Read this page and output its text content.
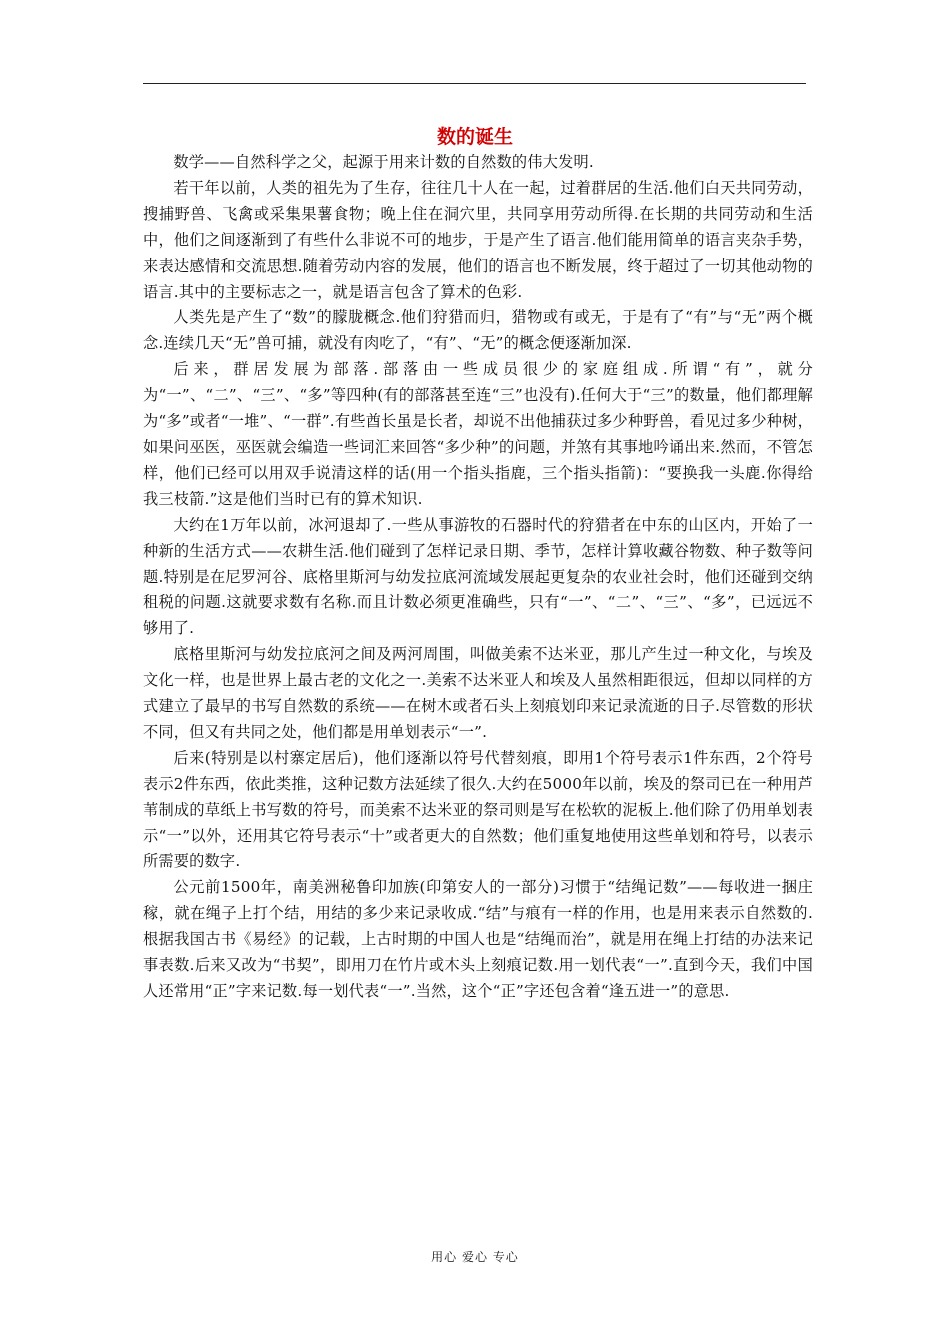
数的诞生

数学——自然科学之父，起源于用来计数的自然数的伟大发明.

若干年以前，人类的祖先为了生存，往往几十人在一起，过着群居的生活.他们白天共同劳动，搜捕野兽、飞禽或采集果薯食物；晚上住在洞穴里，共同享用劳动所得.在长期的共同劳动和生活中，他们之间逐渐到了有些什么非说不可的地步，于是产生了语言.他们能用简单的语言夹杂手势，来表达感情和交流思想.随着劳动内容的发展，他们的语言也不断发展，终于超过了一切其他动物的语言.其中的主要标志之一，就是语言包含了算术的色彩.

人类先是产生了“数”的朦胧概念.他们狩猎而归，猎物或有或无，于是有了“有”与“无”两个概念.连续几天“无”兽可捕，就没有肉吃了，“有”、“无”的概念便逐渐加深.

后来，群居发展为部落.部落由一些成员很少的家庭组成.所谓“有”，就分为“一”、“二”、“三”、“多”等四种(有的部落甚至连“三”也没有).任何大于“三”的数量，他们都理解为“多”或者“一堆”、“一群”.有些酋长虽是长者，却说不出他捕获过多少种野兽，看见过多少种树，如果问巫医，巫医就会编造一些词汇来回答“多少种”的问题，并煞有其事地吟诵出来.然而，不管怎样，他们已经可以用双手说清这样的话(用一个指头指鹿，三个指头指箭)：“要换我一头鹿.你得给我三枝箭.”这是他们当时已有的算术知识.

大约在1万年以前，冰河退却了.一些从事游牧的石器时代的狩猎者在中东的山区内，开始了一种新的生活方式——农耕生活.他们碰到了怎样记录日期、季节，怎样计算收藏谷物数、种子数等问题.特别是在尼罗河谷、底格里斯河与幼发拉底河流域发展起更复杂的农业社会时，他们还碰到交纳租税的问题.这就要求数有名称.而且计数必须更准确些，只有“一”、“二”、“三”、“多”，已远远不够用了.

底格里斯河与幼发拉底河之间及两河周围，叫做美索不达米亚，那儿产生过一种文化，与埃及文化一样，也是世界上最古老的文化之一.美索不达米亚人和埃及人虽然相距很远，但却以同样的方式建立了最早的书写自然数的系统——在树木或者石头上刻痕划印来记录流逝的日子.尽管数的形状不同，但又有共同之处，他们都是用单划表示“一”.

后来(特别是以村寨定居后)，他们逐渐以符号代替刻痕，即用1个符号表示1件东西，2个符号表示2件东西，依此类推，这种记数方法延续了很久.大约在5000年以前，埃及的祭司已在一种用芦苇制成的草纸上书写数的符号，而美索不达米亚的祭司则是写在松软的泥板上.他们除了仍用单划表示“一”以外，还用其它符号表示“十”或者更大的自然数；他们重复地使用这些单划和符号，以表示所需要的数字.

公元前1500年，南美洲秘鲁印加族(印第安人的一部分)习惯于“结绳记数”——每收进一捆庄稼，就在绳子上打个结，用结的多少来记录收成.“结”与痕有一样的作用，也是用来表示自然数的.根据我国古书《易经》的记载，上古时期的中国人也是“结绳而治”，就是用在绳上打结的办法来记事表数.后来又改为“书契”，即用刀在竹片或木头上刻痕记数.用一划代表“一”.直到今天，我们中国人还常用“正”字来记数.每一划代表“一”.当然，这个“正”字还包含着“逢五进一”的意思.

用心 爱心 专心
